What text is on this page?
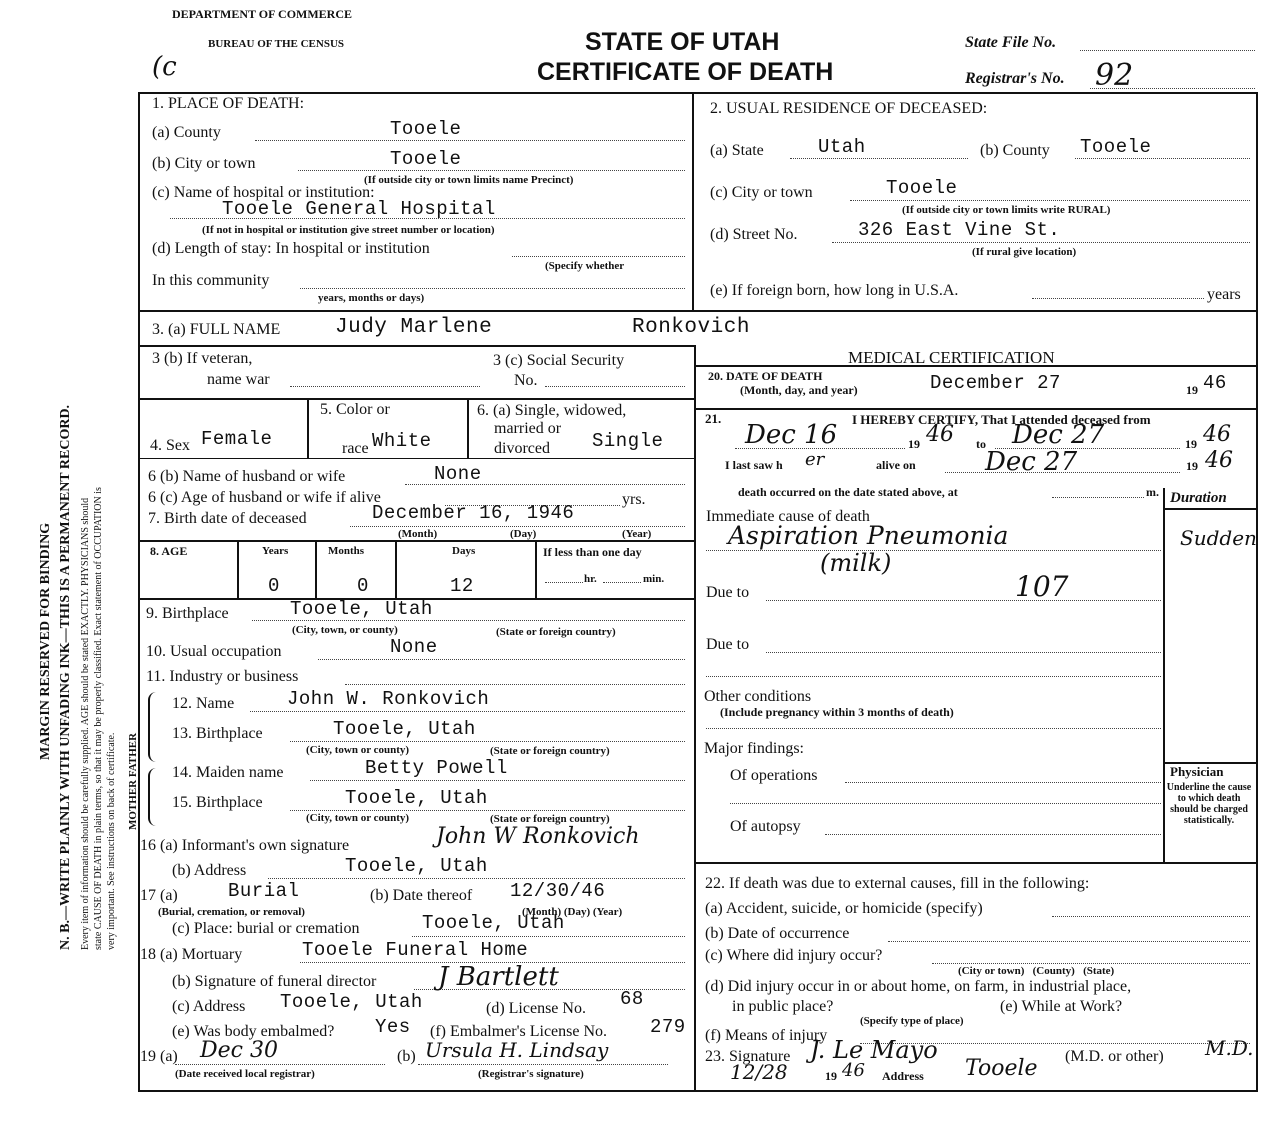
MARGIN RESERVED FOR BINDING N. B.—WRITE PLAINLY WITH UNFADING INK—THIS IS A PERMANENT RECORD. Every item of information should be carefully supplied. AGE should be stated EXACTLY. PHYSICIANS should state CAUSE OF DEATH in plain terms, so that it may be properly classified. Exact statement of OCCUPATION is very important. See instructions on back of certificate. MOTHER FATHER
DEPARTMENT OF COMMERCE
BUREAU OF THE CENSUS
(c
STATE OF UTAH
CERTIFICATE OF DEATH
State File No.
Registrar's No. 92
1. PLACE OF DEATH:
(a) County	Tooele
(b) City or town	Tooele
(If outside city or town limits name Precinct)
(c) Name of hospital or institution:
Tooele General Hospital
(If not in hospital or institution give street number or location)
(d) Length of stay: In hospital or institution
(Specify whether
In this community
years, months or days)
2. USUAL RESIDENCE OF DECEASED:
(a) State	Utah	(b) County Tooele
(c) City or town	Tooele
(If outside city or town limits write RURAL)
(d) Street No.	326 East Vine St.
(If rural give location)
(e) If foreign born, how long in U.S.A.	years
3. (a) FULL NAME	Judy Marlene	Ronkovich
3 (b) If veteran,
name war
3 (c) Social Security
No.
4. Sex Female
5. Color or
race White
6. (a) Single, widowed,
married or
divorced Single
6 (b) Name of husband or wife	None
6 (c) Age of husband or wife if alive	yrs.
7. Birth date of deceased	December 16, 1946
(Month)	(Day)	(Year)
8. AGE	Years	Months	Days	If less than one day
0	0	12	hr.	min.
9. Birthplace	Tooele, Utah
(City, town, or county)	(State or foreign country)
10. Usual occupation	None
11. Industry or business
12. Name	John W. Ronkovich
13. Birthplace	Tooele, Utah
(City, town or county)	(State or foreign country)
14. Maiden name	Betty Powell
15. Birthplace	Tooele, Utah
(City, town or county)	(State or foreign country)
16 (a) Informant's own signature	John W Ronkovich
(b) Address	Tooele, Utah
17 (a)	Burial
(Burial, cremation, or removal)
(b) Date thereof 12/30/46
(Month) (Day) (Year)
(c) Place: burial or cremation	Tooele, Utah
18 (a) Mortuary	Tooele Funeral Home
(b) Signature of funeral director J Bartlett
(c) Address Tooele, Utah	(d) License No. 68
(e) Was body embalmed? Yes (f) Embalmer's License No. 279
19 (a) Dec 30
(Date received local registrar)
(b) Ursula H. Lindsay
(Registrar's signature)
MEDICAL CERTIFICATION
20. DATE OF DEATH
(Month, day, and year)	December 27	19 46
21.	I HEREBY CERTIFY, That I attended deceased from
Dec 16	19 46 to Dec 27	19 46
I last saw h er	alive on	Dec 27	19 46
death occurred on the date stated above, at	m. Duration
Immediate cause of death
Aspiration Pneumonia
(milk)
Sudden
Due to	107
Due to
Other conditions
(Include pregnancy within 3 months of death)
Major findings:
Of operations
Of autopsy
Physician
Underline the cause to which death should be charged statistically.
22. If death was due to external causes, fill in the following:
(a) Accident, suicide, or homicide (specify)
(b) Date of occurrence
(c) Where did injury occur?
(City or town)   (County)   (State)
(d) Did injury occur in or about home, on farm, in industrial place,
in public place?
(Specify type of place)
(e) While at Work?
(f) Means of injury
23. Signature J. Le Mayo	(M.D. or other) M.D.
12/28	19 46 Address Tooele
